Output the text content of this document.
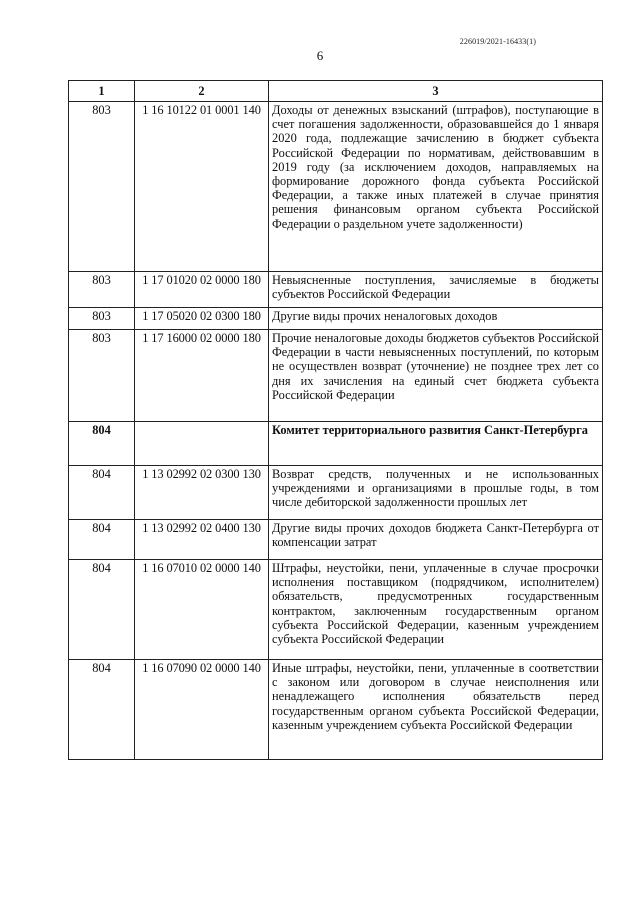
226019/2021-16433(1)
6
1	2	3
803	1 16 10122 01 0001 140	Доходы от денежных взысканий (штрафов), поступающие в счет погашения задолженности, образовавшейся до 1 января 2020 года, подлежащие зачислению в бюджет субъекта Российской Федерации по нормативам, действовавшим в 2019 году (за исключением доходов, направляемых на формирование дорожного фонда субъекта Российской Федерации, а также иных платежей в случае принятия решения финансовым органом субъекта Российской Федерации о раздельном учете задолженности)
803	1 17 01020 02 0000 180	Невыясненные поступления, зачисляемые в бюджеты субъектов Российской Федерации
803	1 17 05020 02 0300 180	Другие виды прочих неналоговых доходов
803	1 17 16000 02 0000 180	Прочие неналоговые доходы бюджетов субъектов Российской Федерации в части невыясненных поступлений, по которым не осуществлен возврат (уточнение) не позднее трех лет со дня их зачисления на единый счет бюджета субъекта Российской Федерации
804		Комитет территориального развития Санкт-Петербурга
804	1 13 02992 02 0300 130	Возврат средств, полученных и не использованных учреждениями и организациями в прошлые годы, в том числе дебиторской задолженности прошлых лет
804	1 13 02992 02 0400 130	Другие виды прочих доходов бюджета Санкт-Петербурга от компенсации затрат
804	1 16 07010 02 0000 140	Штрафы, неустойки, пени, уплаченные в случае просрочки исполнения поставщиком (подрядчиком, исполнителем) обязательств, предусмотренных государственным контрактом, заключенным государственным органом субъекта Российской Федерации, казенным учреждением субъекта Российской Федерации
804	1 16 07090 02 0000 140	Иные штрафы, неустойки, пени, уплаченные в соответствии с законом или договором в случае неисполнения или ненадлежащего исполнения обязательств перед государственным органом субъекта Российской Федерации, казенным учреждением субъекта Российской Федерации
